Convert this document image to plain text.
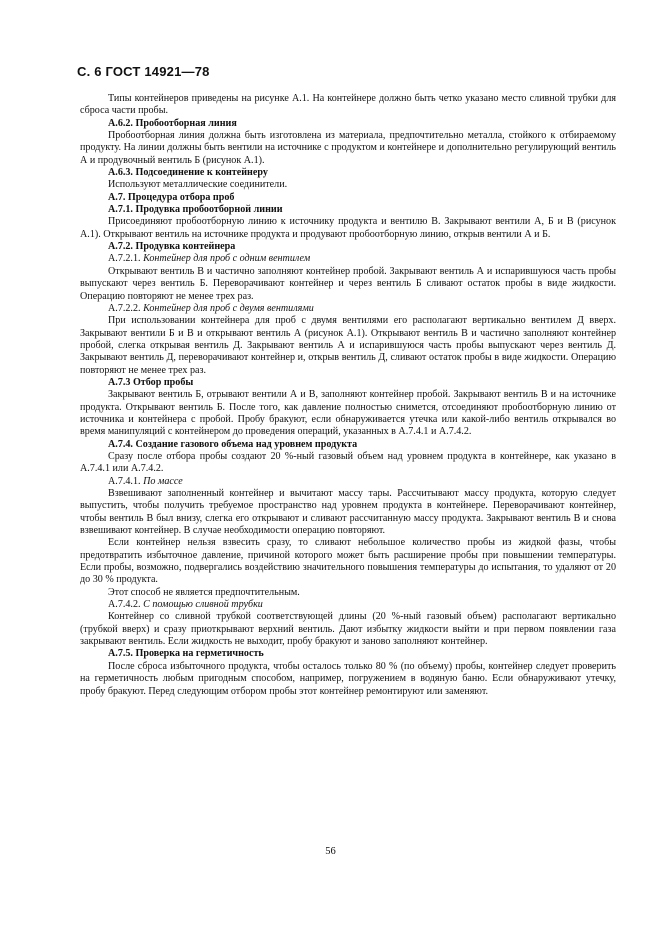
С. 6 ГОСТ 14921—78

Типы контейнеров приведены на рисунке А.1. На контейнере должно быть четко указано место сливной трубки для сброса части пробы.

А.6.2. Пробоотборная линия

Пробоотборная линия должна быть изготовлена из материала, предпочтительно металла, стойкого к отбираемому продукту. На линии должны быть вентили на источнике с продуктом и контейнере и дополнительно регулирующий вентиль А и продувочный вентиль Б (рисунок А.1).

А.6.3. Подсоединение к контейнеру

Используют металлические соединители.

А.7. Процедура отбора проб

А.7.1. Продувка пробоотборной линии

Присоединяют пробоотборную линию к источнику продукта и вентилю В. Закрывают вентили А, Б и В (рисунок А.1). Открывают вентиль на источнике продукта и продувают пробоотборную линию, открыв вентили А и Б.

А.7.2. Продувка контейнера

А.7.2.1. Контейнер для проб с одним вентилем

Открывают вентиль В и частично заполняют контейнер пробой. Закрывают вентиль А и испарившуюся часть пробы выпускают через вентиль Б. Переворачивают контейнер и через вентиль Б сливают остаток пробы в виде жидкости. Операцию повторяют не менее трех раз.

А.7.2.2. Контейнер для проб с двумя вентилями

При использовании контейнера для проб с двумя вентилями его располагают вертикально вентилем Д вверх. Закрывают вентили Б и В и открывают вентиль А (рисунок А.1). Открывают вентиль В и частично заполняют контейнер пробой, слегка открывая вентиль Д. Закрывают вентиль А и испарившуюся часть пробы выпускают через вентиль Д. Закрывают вентиль Д, переворачивают контейнер и, открыв вентиль Д, сливают остаток пробы в виде жидкости. Операцию повторяют не менее трех раз.

А.7.3 Отбор пробы

Закрывают вентиль Б, отрывают вентили А и В, заполняют контейнер пробой. Закрывают вентиль В и на источнике продукта. Открывают вентиль Б. После того, как давление полностью снимется, отсоединяют пробоотборную линию от источника и контейнера с пробой. Пробу бракуют, если обнаруживается утечка или какой-либо вентиль открывался во время манипуляций с контейнером до проведения операций, указанных в А.7.4.1 и А.7.4.2.

А.7.4. Создание газового объема над уровнем продукта

Сразу после отбора пробы создают 20 %-ный газовый объем над уровнем продукта в контейнере, как указано в А.7.4.1 или А.7.4.2.

А.7.4.1. По массе

Взвешивают заполненный контейнер и вычитают массу тары. Рассчитывают массу продукта, которую следует выпустить, чтобы получить требуемое пространство над уровнем продукта в контейнере. Переворачивают контейнер, чтобы вентиль В был внизу, слегка его открывают и сливают рассчитанную массу продукта. Закрывают вентиль В и снова взвешивают контейнер. В случае необходимости операцию повторяют.

Если контейнер нельзя взвесить сразу, то сливают небольшое количество пробы из жидкой фазы, чтобы предотвратить избыточное давление, причиной которого может быть расширение пробы при повышении температуры. Если пробы, возможно, подвергались воздействию значительного повышения температуры до испытания, то удаляют от 20 до 30 % продукта.

Этот способ не является предпочтительным.

А.7.4.2. С помощью сливной трубки

Контейнер со сливной трубкой соответствующей длины (20 %-ный газовый объем) располагают вертикально (трубкой вверх) и сразу приоткрывают верхний вентиль. Дают избытку жидкости выйти и при первом появлении газа закрывают вентиль. Если жидкость не выходит, пробу бракуют и заново заполняют контейнер.

А.7.5. Проверка на герметичность

После сброса избыточного продукта, чтобы осталось только 80 % (по объему) пробы, контейнер следует проверить на герметичность любым пригодным способом, например, погружением в водяную баню. Если обнаруживают утечку, пробу бракуют. Перед следующим отбором пробы этот контейнер ремонтируют или заменяют.

56
